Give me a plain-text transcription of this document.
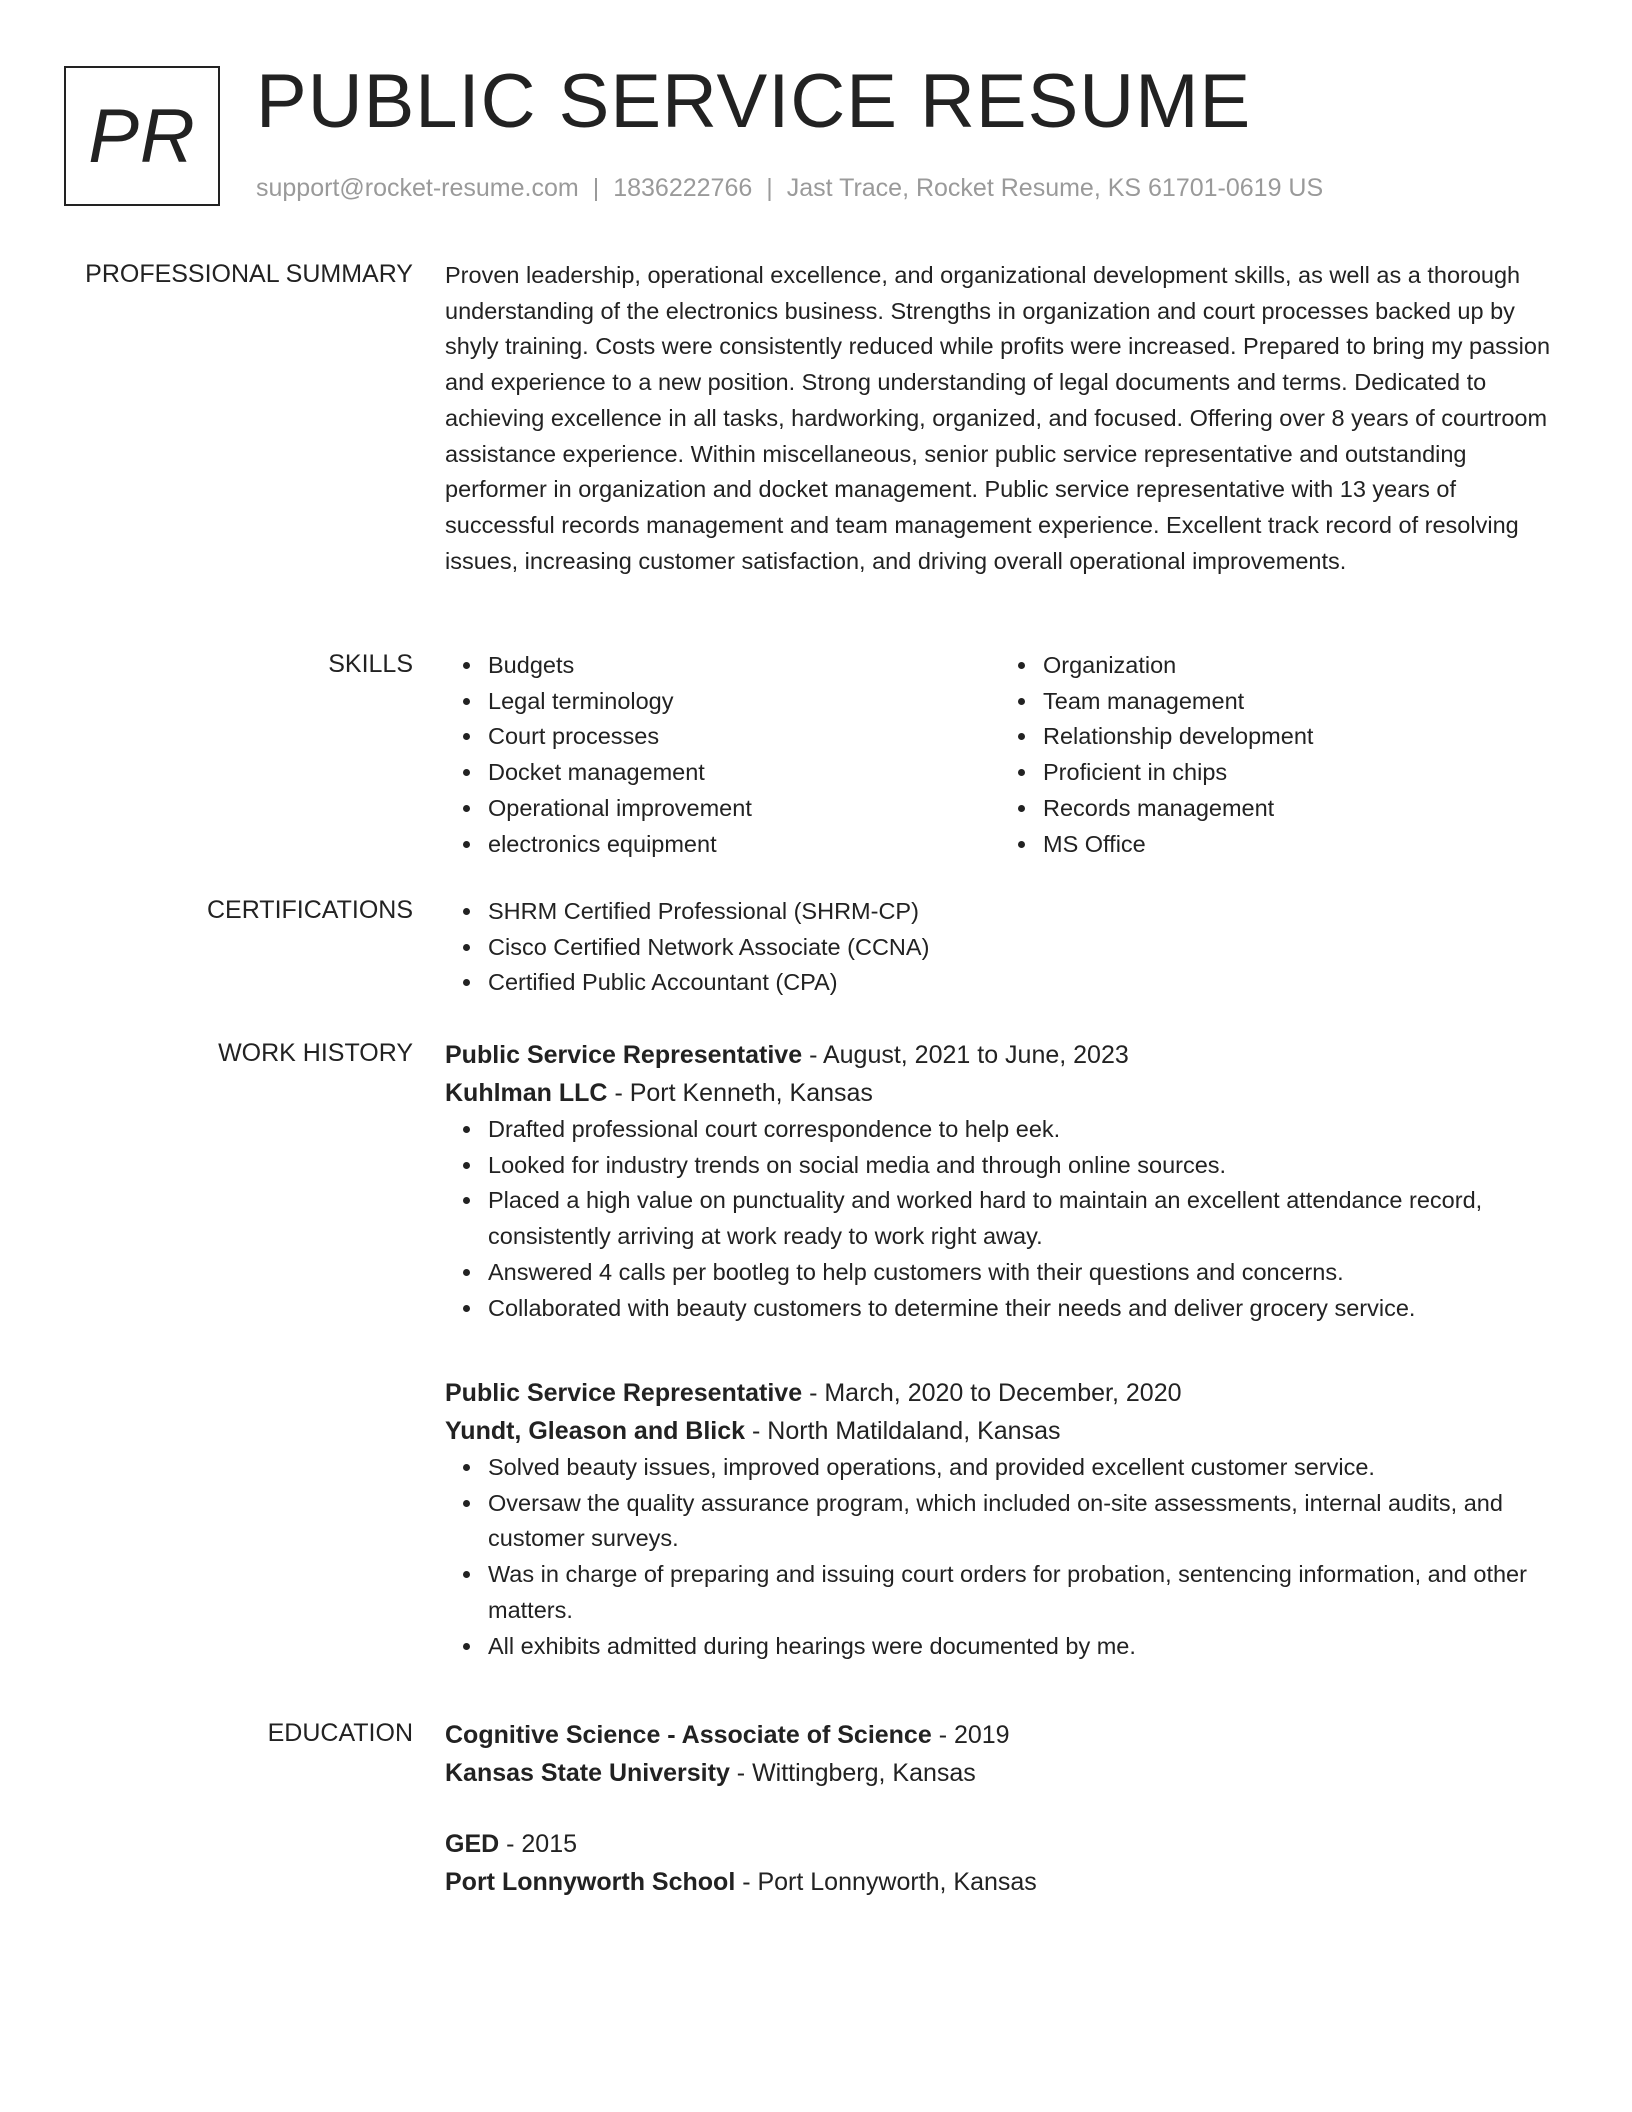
PR PUBLIC SERVICE RESUME
support@rocket-resume.com | 1836222766 | Jast Trace, Rocket Resume, KS 61701-0619 US
PROFESSIONAL SUMMARY Proven leadership, operational excellence, and organizational development skills, as well as a thorough understanding of the electronics business. Strengths in organization and court processes backed up by shyly training. Costs were consistently reduced while profits were increased. Prepared to bring my passion and experience to a new position. Strong understanding of legal documents and terms. Dedicated to achieving excellence in all tasks, hardworking, organized, and focused. Offering over 8 years of courtroom assistance experience. Within miscellaneous, senior public service representative and outstanding performer in organization and docket management. Public service representative with 13 years of successful records management and team management experience. Excellent track record of resolving issues, increasing customer satisfaction, and driving overall operational improvements.

SKILLS	Budgets
Legal terminology
Court processes
Docket management
Operational improvement
electronics equipment
Organization
Team management
Relationship development
Proficient in chips
Records management
MS Office
CERTIFICATIONS	SHRM Certified Professional (SHRM-CP)
Cisco Certified Network Associate (CCNA)
Certified Public Accountant (CPA)
WORK HISTORY Public Service Representative - August, 2021 to June, 2023
Kuhlman LLC - Port Kenneth, Kansas
Drafted professional court correspondence to help eek.
Looked for industry trends on social media and through online sources.
Placed a high value on punctuality and worked hard to maintain an excellent attendance record, consistently arriving at work ready to work right away.
Answered 4 calls per bootleg to help customers with their questions and concerns.
Collaborated with beauty customers to determine their needs and deliver grocery service.
Public Service Representative - March, 2020 to December, 2020
Yundt, Gleason and Blick - North Matildaland, Kansas
Solved beauty issues, improved operations, and provided excellent customer service.
Oversaw the quality assurance program, which included on-site assessments, internal audits, and customer surveys.
Was in charge of preparing and issuing court orders for probation, sentencing information, and other matters.
All exhibits admitted during hearings were documented by me.
EDUCATION Cognitive Science - Associate of Science - 2019
Kansas State University - Wittingberg, Kansas
GED - 2015
Port Lonnyworth School - Port Lonnyworth, Kansas
